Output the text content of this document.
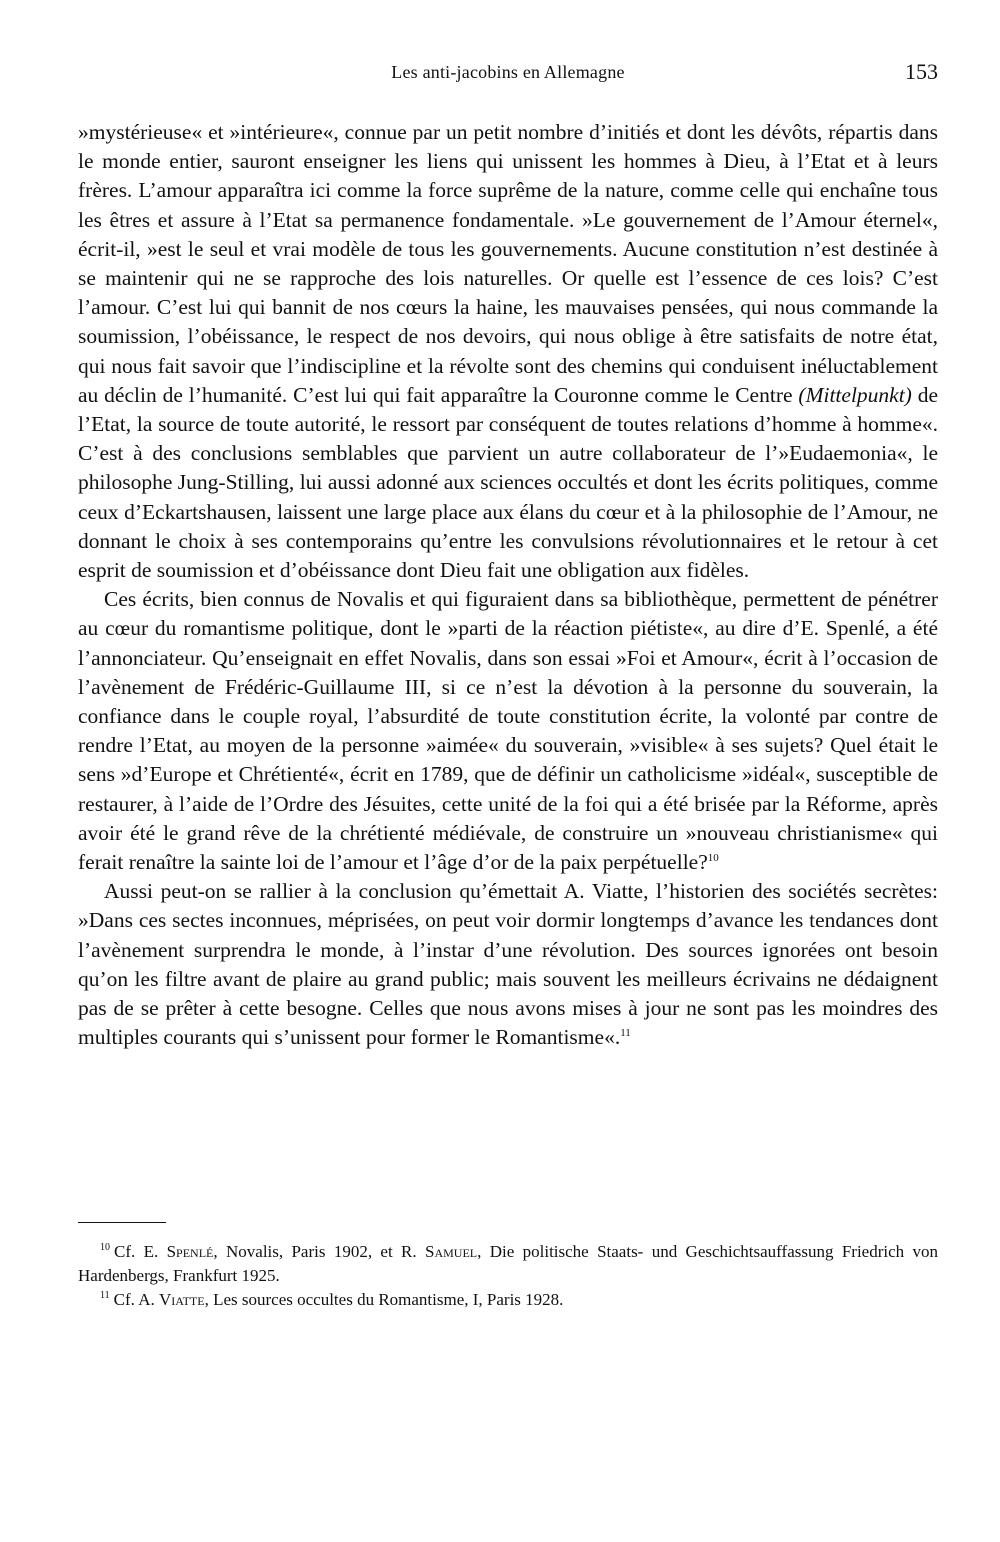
Les anti-jacobins en Allemagne	153

»mystérieuse« et »intérieure«, connue par un petit nombre d’initiés et dont les dévôts, répartis dans le monde entier, sauront enseigner les liens qui unissent les hommes à Dieu, à l’Etat et à leurs frères. L’amour apparaîtra ici comme la force suprême de la nature, comme celle qui enchaîne tous les êtres et assure à l’Etat sa permanence fondamentale. »Le gouvernement de l’Amour éternel«, écrit-il, »est le seul et vrai modèle de tous les gouvernements. Aucune constitution n’est destinée à se maintenir qui ne se rapproche des lois naturelles. Or quelle est l’essence de ces lois? C’est l’amour. C’est lui qui bannit de nos cœurs la haine, les mauvaises pensées, qui nous commande la soumission, l’obéissance, le respect de nos devoirs, qui nous oblige à être satisfaits de notre état, qui nous fait savoir que l’indiscipline et la révolte sont des chemins qui conduisent inéluctablement au déclin de l’humanité. C’est lui qui fait apparaître la Couronne comme le Centre (Mittelpunkt) de l’Etat, la source de toute autorité, le ressort par conséquent de toutes relations d’homme à homme«. C’est à des conclusions semblables que parvient un autre collaborateur de l’»Eudaemonia«, le philosophe Jung-Stilling, lui aussi adonné aux sciences occultés et dont les écrits politiques, comme ceux d’Eckartshausen, laissent une large place aux élans du cœur et à la philosophie de l’Amour, ne donnant le choix à ses contemporains qu’entre les convulsions révolutionnaires et le retour à cet esprit de soumission et d’obéissance dont Dieu fait une obligation aux fidèles.

Ces écrits, bien connus de Novalis et qui figuraient dans sa bibliothèque, permettent de pénétrer au cœur du romantisme politique, dont le »parti de la réaction piétiste«, au dire d’E. Spenlé, a été l’annonciateur. Qu’enseignait en effet Novalis, dans son essai »Foi et Amour«, écrit à l’occasion de l’avènement de Frédéric-Guillaume III, si ce n’est la dévotion à la personne du souverain, la confiance dans le couple royal, l’absurdité de toute constitution écrite, la volonté par contre de rendre l’Etat, au moyen de la personne »aimée« du souverain, »visible« à ses sujets? Quel était le sens »d’Europe et Chrétienté«, écrit en 1789, que de définir un catholicisme »idéal«, susceptible de restaurer, à l’aide de l’Ordre des Jésuites, cette unité de la foi qui a été brisée par la Réforme, après avoir été le grand rêve de la chrétienté médiévale, de construire un »nouveau christianisme« qui ferait renaître la sainte loi de l’amour et l’âge d’or de la paix perpétuelle?$^{10}$

Aussi peut-on se rallier à la conclusion qu’émettait A. Viatte, l’historien des sociétés secrètes: »Dans ces sectes inconnues, méprisées, on peut voir dormir longtemps d’avance les tendances dont l’avènement surprendra le monde, à l’instar d’une révolution. Des sources ignorées ont besoin qu’on les filtre avant de plaire au grand public; mais souvent les meilleurs écrivains ne dédaignent pas de se prêter à cette besogne. Celles que nous avons mises à jour ne sont pas les moindres des multiples courants qui s’unissent pour former le Romantisme«.$^{11}$

$^{10}$ Cf. E. Spenlé, Novalis, Paris 1902, et R. Samuel, Die politische Staats- und Geschichtsauffassung Friedrich von Hardenbergs, Frankfurt 1925.

$^{11}$ Cf. A. Viatte, Les sources occultes du Romantisme, I, Paris 1928.
